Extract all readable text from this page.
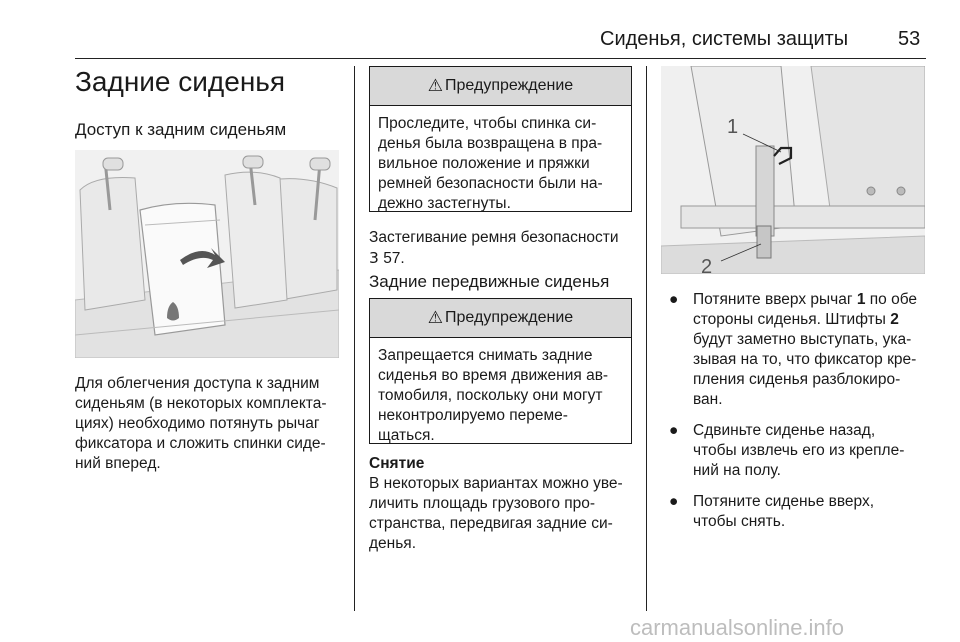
Сиденья, системы защиты 53
Задние сиденья
Доступ к задним сиденьям
Для облегчения доступа к задним
сиденьям (в некоторых комплекта-
циях) необходимо потянуть рычаг
фиксатора и сложить спинки сиде-
ний вперед.
⚠ Предупреждение
Проследите, чтобы спинка си-
денья была возвращена в пра-
вильное положение и пряжки
ремней безопасности были на-
дежно застегнуты.
Застегивание ремня безопасности
3 57.
Задние передвижные сиденья
⚠ Предупреждение
Запрещается снимать задние
сиденья во время движения ав-
томобиля, поскольку они могут
неконтролируемо переме-
щаться.
Снятие
В некоторых вариантах можно уве-
личить площадь грузового про-
странства, передвигая задние си-
денья.
1
2
● Потяните вверх рычаг 1 по обе
стороны сиденья. Штифты 2
будут заметно выступать, ука-
зывая на то, что фиксатор кре-
пления сиденья разблокиро-
ван.
● Сдвиньте сиденье назад,
чтобы извлечь его из крепле-
ний на полу.
● Потяните сиденье вверх,
чтобы снять.
carmanualsonline.info
